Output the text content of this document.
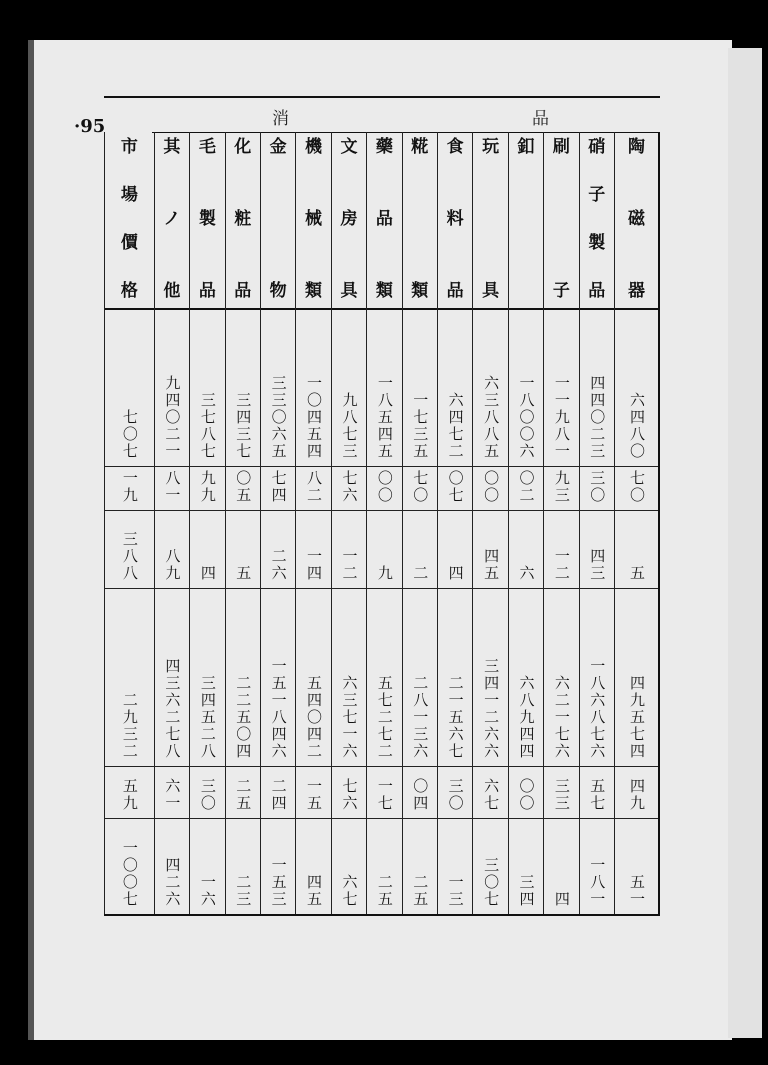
·95	消	品
陶
磁
器
六四八〇
七〇
五
四九五七四
四九
五一
硝
子
製
品
四四〇二三
三〇
四三
一八六八七六
五七
一八一
刷
子
一一九八一
九三
一二
六二一七六
三三
四
釦
一八〇〇六
〇二
六
六八九四四
〇〇
三四
玩
具
六三八八五
〇〇
四五
三四一二六六
六七
三〇七
食
料
品
六四七二
〇七
四
二一五六七
三〇
一三
糀
類
一七三五
七〇
二
二八一三六
〇四
二五
藥
品
類
一八五四五
〇〇
九
五七二七二
一七
二五
文
房
具
九八七三
七六
一二
六三七一六
七六
六七
機
械
類
一〇四五四
八二
一四
五四〇四二
一五
四五
金
物
三三〇六五
七四
二六
一五一八四六
二四
一五三
化
粧
品
三四三七
〇五
五
二二五〇四
二五
二三
毛
製
品
三七八七
九九
四
三四五二八
三〇
一六
其
ノ
他
九四〇二一
八一
八九
四三六二七八
六一
四二六
市
場
價
格
七〇七
一九
三八八
二九三二
五九
一〇〇七
